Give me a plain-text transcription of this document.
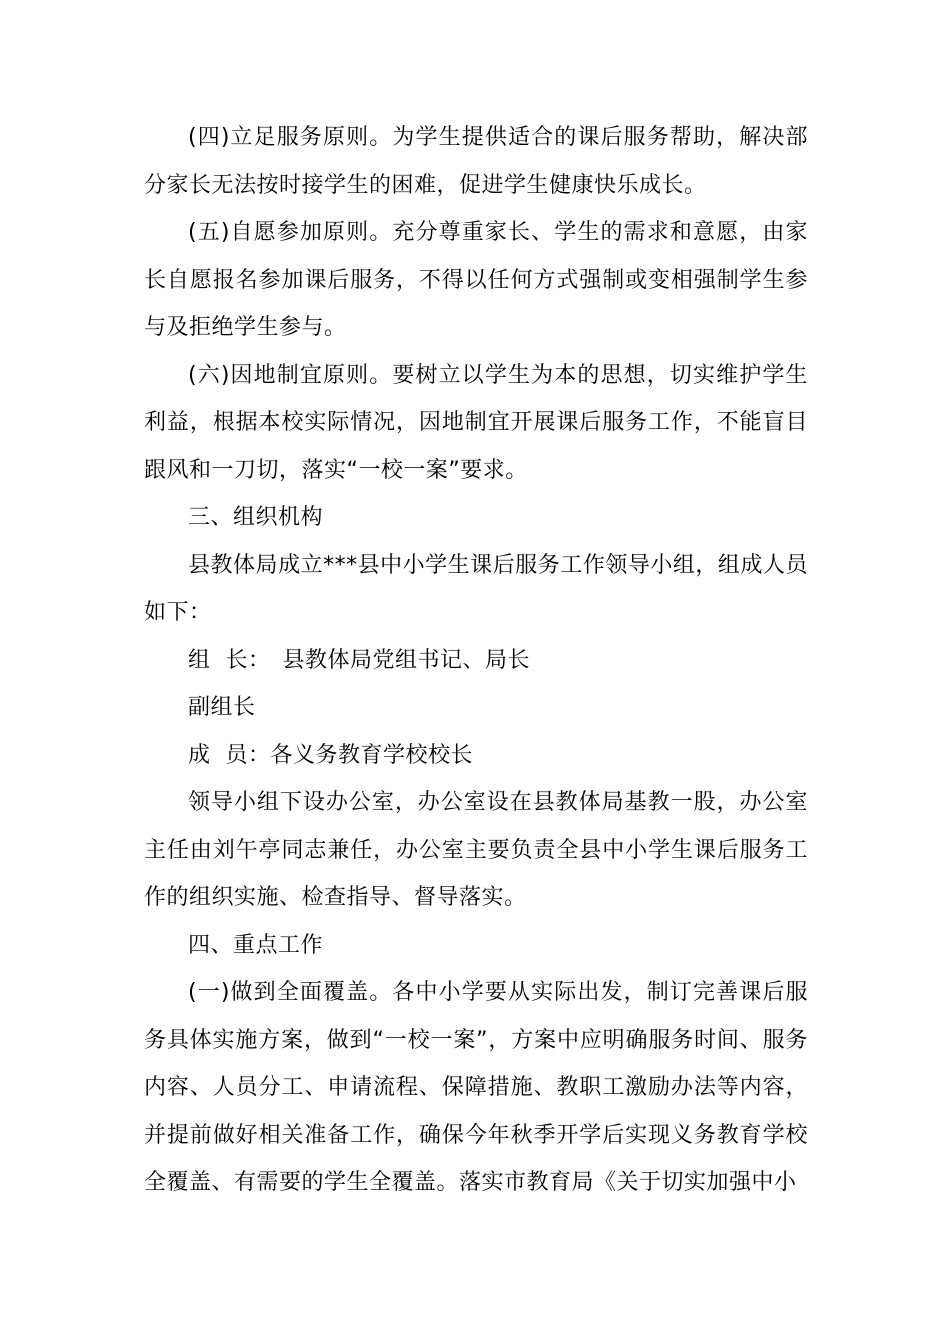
(四)立足服务原则。为学生提供适合的课后服务帮助，解决部分家长无法按时接学生的困难，促进学生健康快乐成长。

(五)自愿参加原则。充分尊重家长、学生的需求和意愿，由家长自愿报名参加课后服务，不得以任何方式强制或变相强制学生参与及拒绝学生参与。

(六)因地制宜原则。要树立以学生为本的思想，切实维护学生利益，根据本校实际情况，因地制宜开展课后服务工作，不能盲目跟风和一刀切，落实“一校一案”要求。

三、组织机构

县教体局成立***县中小学生课后服务工作领导小组，组成人员如下：

组  长： 县教体局党组书记、局长

副组长

成  员：各义务教育学校校长

领导小组下设办公室，办公室设在县教体局基教一股，办公室主任由刘午亭同志兼任，办公室主要负责全县中小学生课后服务工作的组织实施、检查指导、督导落实。

四、重点工作

(一)做到全面覆盖。各中小学要从实际出发，制订完善课后服务具体实施方案，做到“一校一案”，方案中应明确服务时间、服务内容、人员分工、申请流程、保障措施、教职工激励办法等内容，并提前做好相关准备工作，确保今年秋季开学后实现义务教育学校全覆盖、有需要的学生全覆盖。落实市教育局《关于切实加强中小
